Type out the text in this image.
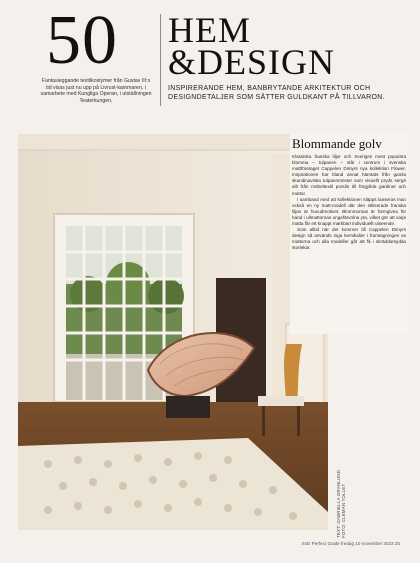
50
Fantasieggande textilkostymer från Gustav III:s tid visas just nu upp på Livrust-kammaren, i samarbete med Kungliga Operan, i utställningen Teaterkungen.
HEM
&DESIGN
INSPIRERANDE HEM, BANBRYTANDE ARKITEKTUR OCH DESIGNDETALJER SOM SÄTTER GULDKANT PÅ TILLVARON.
Blommande golv

Klassiska franska liljor och Sveriges mest populära blomma – tulpanen – står i centrum i svenska mattföretaget Cappelen Dimyrs nya kollektion Flower. Inspirationen har bland annat hämtats från gamla skandinaviska tulpanmönster som visuellt pryds sergé allt från möbeltextil porslin till förgyllda gardiner och mattor.

I samband med att kollektionen släpps lanseras man också en ny matt-modell där den stiliserade franska liljan är huvudmotivet. Blommornas är formgivna för hand i ullmattornas ungefärvolna yta, vilket gör att varje matta får ett knappt märkbart individuellt utseende.

Som alltid när det kommer till Cappelen Dimyrs design så används inga kemikalier i framtagningen av mattorna och alla modeller går att få i skräddarsydda storlekar.

TEXT: GABRIELLA GRANLUND
FOTO: CLEMAN TOLLET
SvD Perfect Guide fredag 10 november 2023 25
